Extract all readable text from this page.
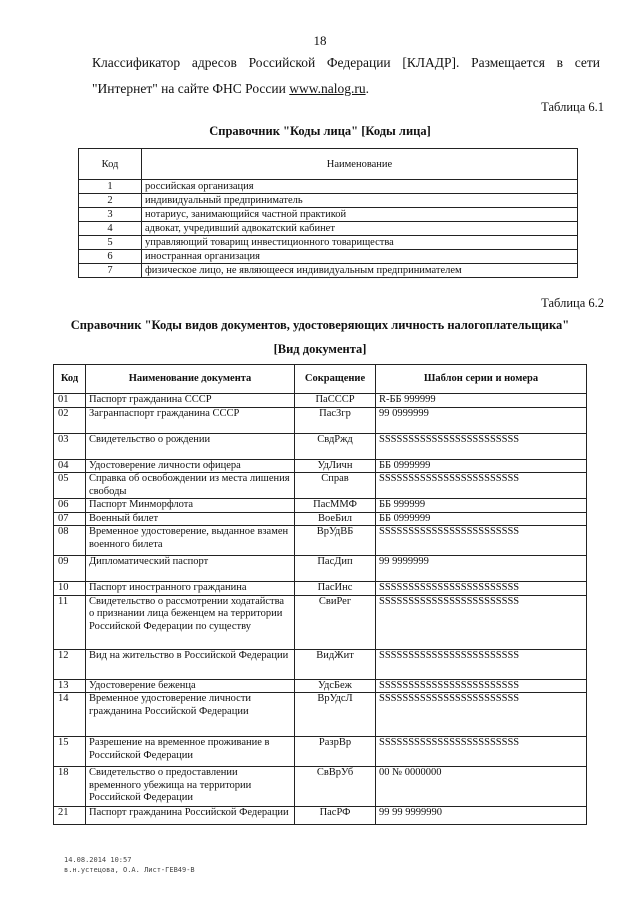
18
Классификатор адресов Российской Федерации [КЛАДР]. Размещается в сети
"Интернет" на сайте ФНС России www.nalog.ru.
Таблица 6.1
Справочник "Коды лица" [Коды лица]
Код	Наименование
1	российская организация
2	индивидуальный предприниматель
3	нотариус, занимающийся частной практикой
4	адвокат, учредивший адвокатский кабинет
5	управляющий товарищ инвестиционного товарищества
6	иностранная организация
7	физическое лицо, не являющееся индивидуальным предпринимателем
Таблица 6.2
Справочник "Коды видов документов, удостоверяющих личность налогоплательщика"
[Вид документа]
Код	Наименование документа	Сокращение	Шаблон серии и номера
01	Паспорт гражданина СССР	ПаСССР	R-ББ 999999
02	Загранпаспорт гражданина СССР	ПасЗгр	99 0999999
03	Свидетельство о рождении	СвдРжд	SSSSSSSSSSSSSSSSSSSSSSSS
04	Удостоверение личности офицера	УдЛичн	ББ 0999999
05	Справка об освобождении из места лишения свободы	Справ	SSSSSSSSSSSSSSSSSSSSSSSS
06	Паспорт Минморфлота	ПасММФ	ББ 999999
07	Военный билет	ВоеБил	ББ 0999999
08	Временное удостоверение, выданное взамен военного билета	ВрУдВБ	SSSSSSSSSSSSSSSSSSSSSSSS
09	Дипломатический паспорт	ПасДип	99 9999999
10	Паспорт иностранного гражданина	ПасИнс	SSSSSSSSSSSSSSSSSSSSSSSS
11	Свидетельство о рассмотрении ходатайства о признании лица беженцем на территории Российской Федерации по существу	СвиРег	SSSSSSSSSSSSSSSSSSSSSSSS
12	Вид на жительство в Российской Федерации	ВидЖит	SSSSSSSSSSSSSSSSSSSSSSSS
13	Удостоверение беженца	УдсБеж	SSSSSSSSSSSSSSSSSSSSSSSS
14	Временное удостоверение личности гражданина Российской Федерации	ВрУдсЛ	SSSSSSSSSSSSSSSSSSSSSSSS
15	Разрешение на временное проживание в Российской Федерации	РазрВр	SSSSSSSSSSSSSSSSSSSSSSSS
18	Свидетельство о предоставлении временного убежища на территории Российской Федерации	СвВрУб	00 № 0000000
21	Паспорт гражданина Российской Федерации	ПасРФ	99 99 9999990
14.08.2014 10:57
в.н.устецова, О.А. Лист-ГЕВ49-В
